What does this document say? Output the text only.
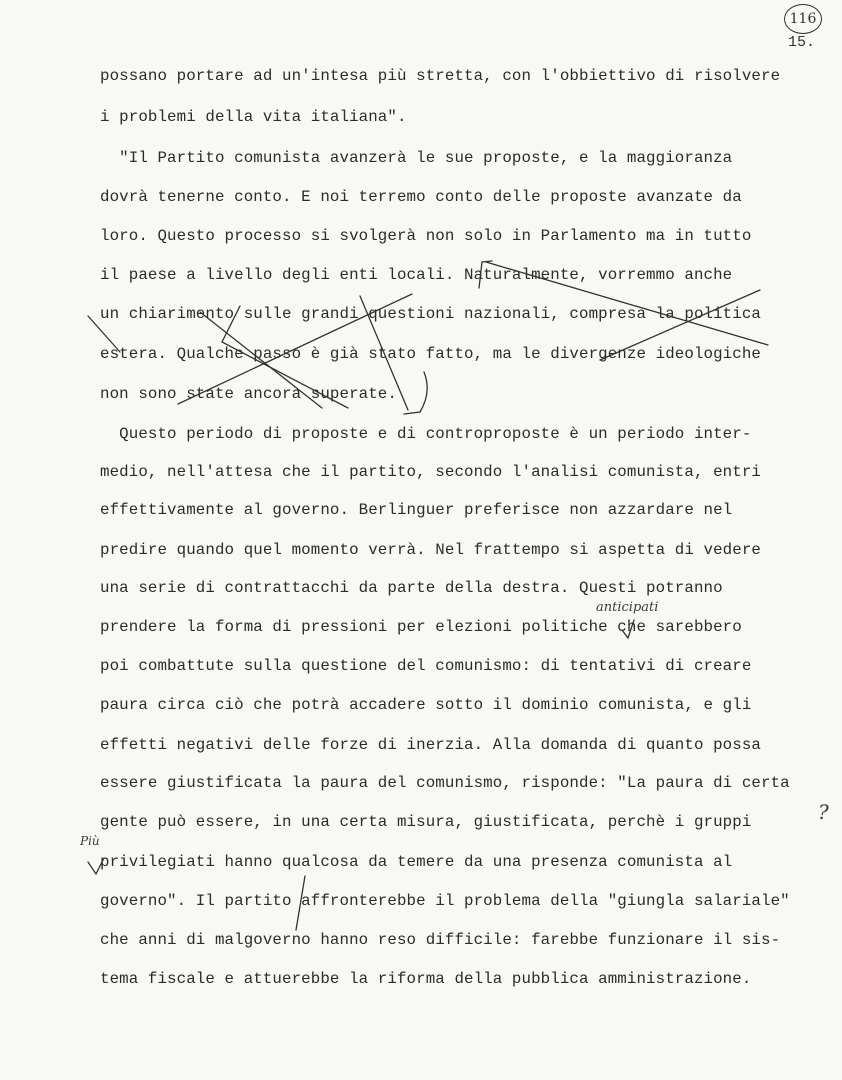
116
15.
possano portare ad un'intesa più stretta, con l'obbiettivo di risolvere
i problemi della vita italiana".
"Il Partito comunista avanzerà le sue proposte, e la maggioranza
dovrà tenerne conto. E noi terremo conto delle proposte avanzate da
loro. Questo processo si svolgerà non solo in Parlamento ma in tutto
il paese a livello degli enti locali. Naturalmente, vorremmo anche
un chiarimento sulle grandi questioni nazionali, compresa la politica
estera. Qualche passo è già stato fatto, ma le divergenze ideologiche
non sono state ancora superate.
Questo periodo di proposte e di controproposte è un periodo inter-
medio, nell'attesa che il partito, secondo l'analisi comunista, entri
effettivamente al governo. Berlinguer preferisce non azzardare nel
predire quando quel momento verrà. Nel frattempo si aspetta di vedere
una serie di contrattacchi da parte della destra. Questi potranno
prendere la forma di pressioni per elezioni politiche che sarebbero
poi combattute sulla questione del comunismo: di tentativi di creare
paura circa ciò che potrà accadere sotto il dominio comunista, e gli
effetti negativi delle forze di inerzia. Alla domanda di quanto possa
essere giustificata la paura del comunismo, risponde: "La paura di certa
gente può essere, in una certa misura, giustificata, perchè i gruppi
privilegiati hanno qualcosa da temere da una presenza comunista al
governo". Il partito affronterebbe il problema della "giungla salariale"
che anni di malgoverno hanno reso difficile: farebbe funzionare il sis-
tema fiscale e attuerebbe la riforma della pubblica amministrazione.
anticipati
?
Più
